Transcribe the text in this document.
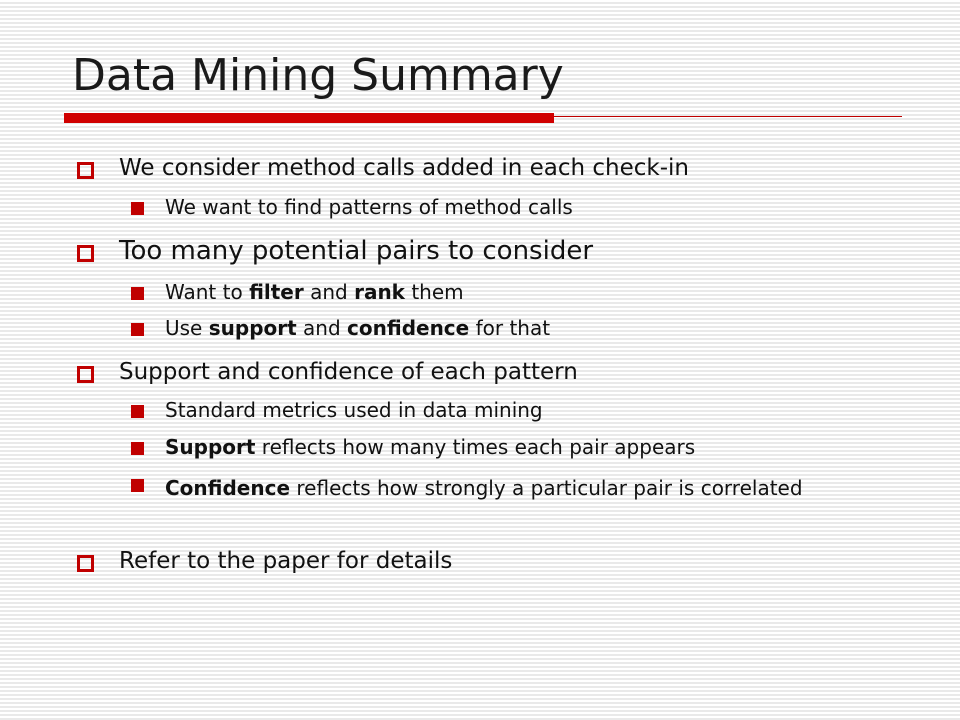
Data Mining Summary
We consider method calls added in each check-in
We want to find patterns of method calls
Too many potential pairs to consider
Want to filter and rank them
Use support and confidence for that
Support and confidence of each pattern
Standard metrics used in data mining
Support reflects how many times each pair appears
Confidence reflects how strongly a particular pair is correlated
Refer to the paper for details
